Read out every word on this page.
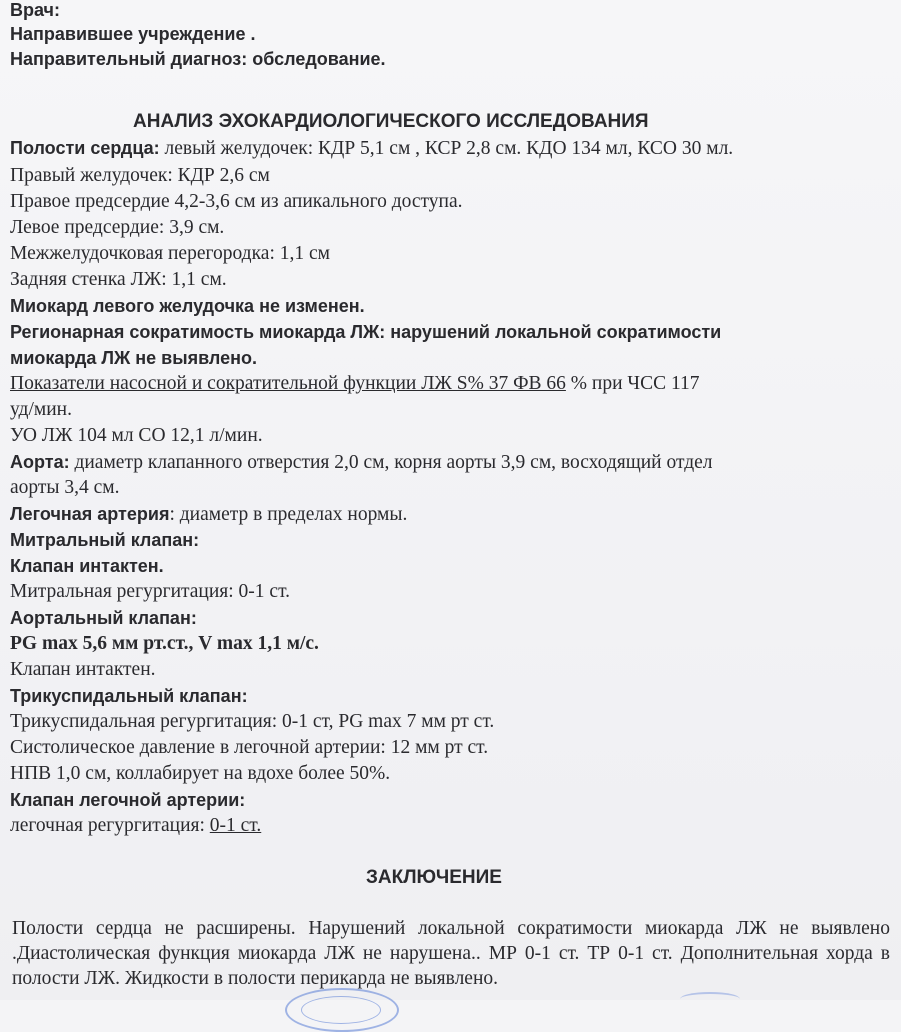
Врач:
Направившее учреждение .
Направительный диагноз: обследование.
АНАЛИЗ ЭХОКАРДИОЛОГИЧЕСКОГО ИССЛЕДОВАНИЯ
Полости сердца: левый желудочек: КДР 5,1 см , КСР 2,8 см. КДО 134 мл, КСО 30 мл.
Правый желудочек: КДР 2,6 см
Правое предсердие 4,2-3,6 см из апикального доступа.
Левое предсердие: 3,9 см.
Межжелудочковая перегородка: 1,1 см
Задняя стенка ЛЖ: 1,1 см.
Миокард левого желудочка не изменен.
Регионарная сократимость миокарда ЛЖ: нарушений локальной сократимости
миокарда ЛЖ не выявлено.
Показатели насосной и сократительной функции ЛЖ S% 37 ФВ 66 % при ЧСС 117
уд/мин.
УО ЛЖ 104 мл СО 12,1 л/мин.
Аорта: диаметр клапанного отверстия 2,0 см, корня аорты 3,9 см, восходящий отдел
аорты 3,4 см.
Легочная артерия: диаметр в пределах нормы.
Митральный клапан:
Клапан интактен.
Митральная регургитация: 0-1 ст.
Аортальный клапан:
PG max 5,6 мм рт.ст., V max 1,1 м/с.
Клапан интактен.
Трикуспидальный клапан:
Трикуспидальная регургитация: 0-1 ст, PG max 7 мм рт ст.
Систолическое давление в легочной артерии: 12 мм рт ст.
НПВ 1,0 см, коллабирует на вдохе более 50%.
Клапан легочной артерии:
легочная регургитация: 0-1 ст.
ЗАКЛЮЧЕНИЕ
Полости сердца не расширены. Нарушений локальной сократимости миокарда ЛЖ не выявлено .Диастолическая функция миокарда ЛЖ не нарушена.. МР 0-1 ст. ТР 0-1 ст. Дополнительная хорда в полости ЛЖ. Жидкости в полости перикарда не выявлено.
